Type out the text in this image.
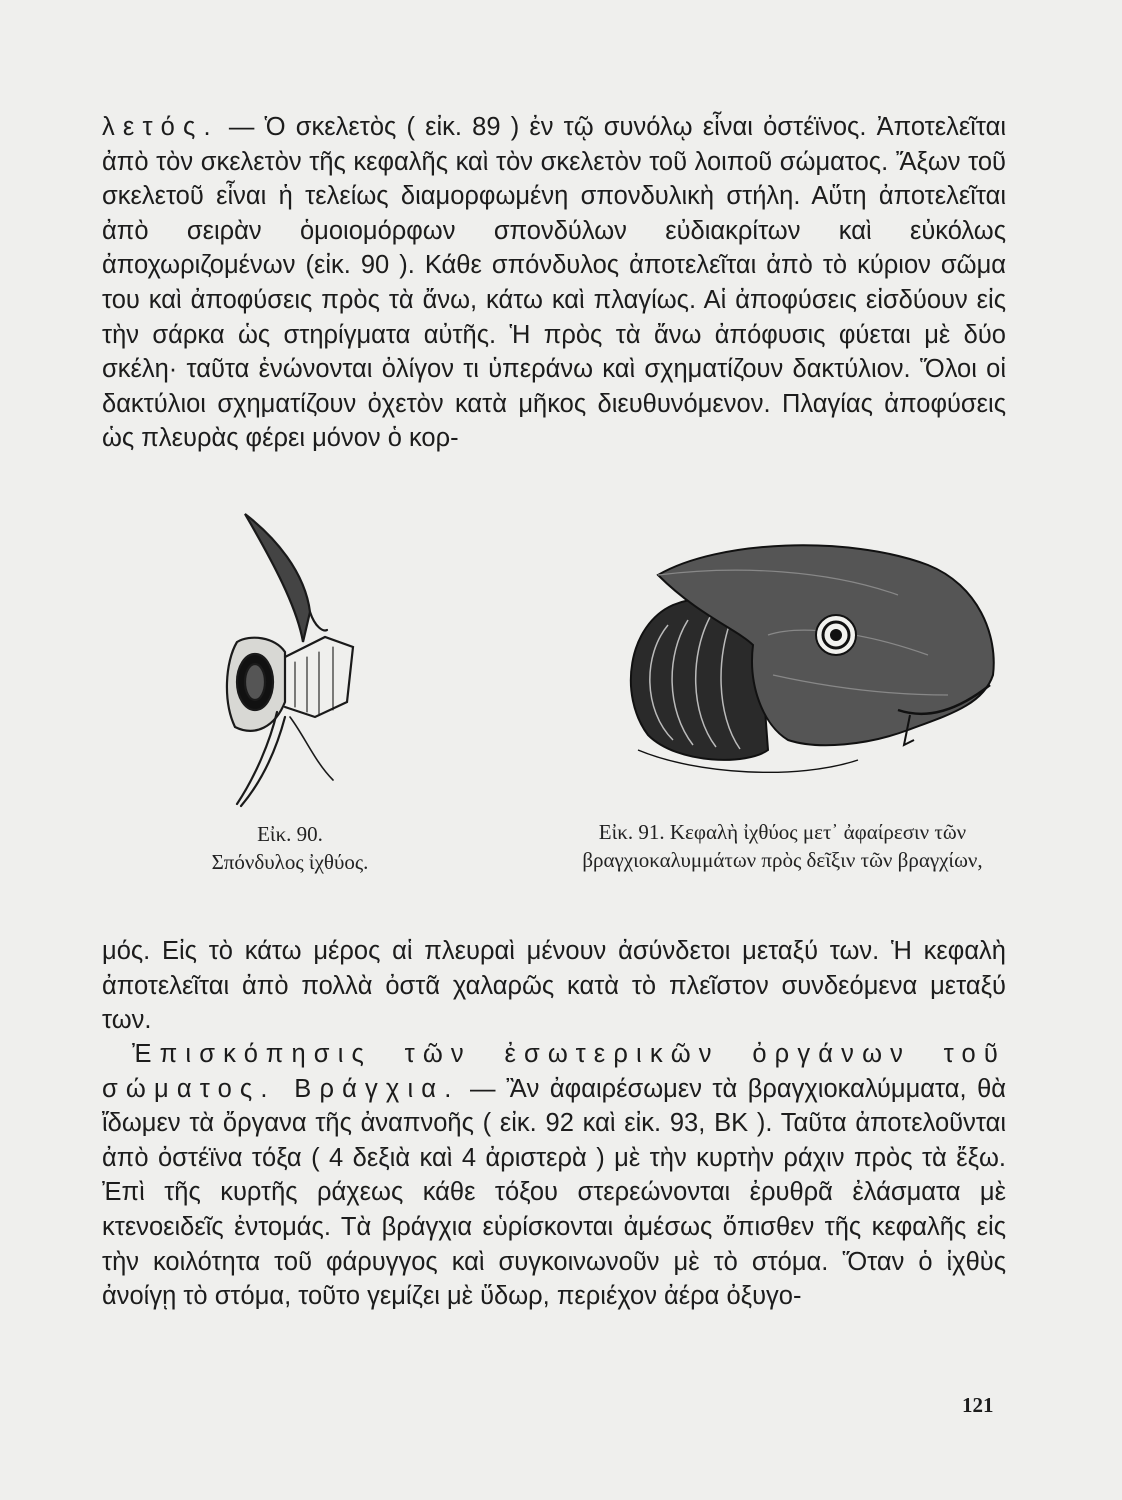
λετός. — Ὁ σκελετὸς ( εἰκ. 89 ) ἐν τῷ συνόλῳ εἶναι ὀστέϊνος. Ἀποτελεῖται ἀπὸ τὸν σκελετὸν τῆς κεφαλῆς καὶ τὸν σκελετὸν τοῦ λοιποῦ σώματος. Ἄξων τοῦ σκελετοῦ εἶναι ἡ τελείως διαμορφωμένη σπονδυλικὴ στήλη. Αὕτη ἀποτελεῖται ἀπὸ σειρὰν ὁμοιομόρφων σπονδύλων εὐδιακρίτων καὶ εὐκόλως ἀποχωριζομένων (εἰκ. 90 ). Κάθε σπόνδυλος ἀποτελεῖται ἀπὸ τὸ κύριον σῶμα του καὶ ἀποφύσεις πρὸς τὰ ἄνω, κάτω καὶ πλαγίως. Αἱ ἀποφύσεις εἰσδύουν εἰς τὴν σάρκα ὡς στηρίγματα αὐτῆς. Ἡ πρὸς τὰ ἄνω ἀπόφυσις φύεται μὲ δύο σκέλη· ταῦτα ἑνώνονται ὀλίγον τι ὑπεράνω καὶ σχηματίζουν δακτύλιον. Ὅλοι οἱ δακτύλιοι σχηματίζουν ὀχετὸν κατὰ μῆκος διευθυνόμενον. Πλαγίας ἀποφύσεις ὡς πλευρὰς φέρει μόνον ὁ κορ-

Εἰκ. 90.
Σπόνδυλος ἰχθύος.
Εἰκ. 91. Κεφαλὴ ἰχθύος μετ᾽ ἀφαίρεσιν τῶν βραγχιοκαλυμμάτων πρὸς δεῖξιν τῶν βραγχίων,

μός. Εἰς τὸ κάτω μέρος αἱ πλευραὶ μένουν ἀσύνδετοι μεταξύ των. Ἡ κεφαλὴ ἀποτελεῖται ἀπὸ πολλὰ ὀστᾶ χαλαρῶς κατὰ τὸ πλεῖστον συνδεόμενα μεταξύ των.

Ἐπισκόπησις τῶν ἐσωτερικῶν ὀργάνων τοῦ σώματος. Βράγχια. — Ἂν ἀφαιρέσωμεν τὰ βραγχιοκαλύμματα, θὰ ἴδωμεν τὰ ὄργανα τῆς ἀναπνοῆς ( εἰκ. 92 καὶ εἰκ. 93, ΒΚ ). Ταῦτα ἀποτελοῦνται ἀπὸ ὀστέϊνα τόξα ( 4 δεξιὰ καὶ 4 ἀριστερὰ ) μὲ τὴν κυρτὴν ράχιν πρὸς τὰ ἔξω. Ἐπὶ τῆς κυρτῆς ράχεως κάθε τόξου στερεώνονται ἐρυθρᾶ ἐλάσματα μὲ κτενοειδεῖς ἐντομάς. Τὰ βράγχια εὑρίσκονται ἀμέσως ὄπισθεν τῆς κεφαλῆς εἰς τὴν κοιλότητα τοῦ φάρυγγος καὶ συγκοινωνοῦν μὲ τὸ στόμα. Ὅταν ὁ ἰχθὺς ἀνοίγῃ τὸ στόμα, τοῦτο γεμίζει μὲ ὕδωρ, περιέχον ἀέρα ὀξυγο-

121
